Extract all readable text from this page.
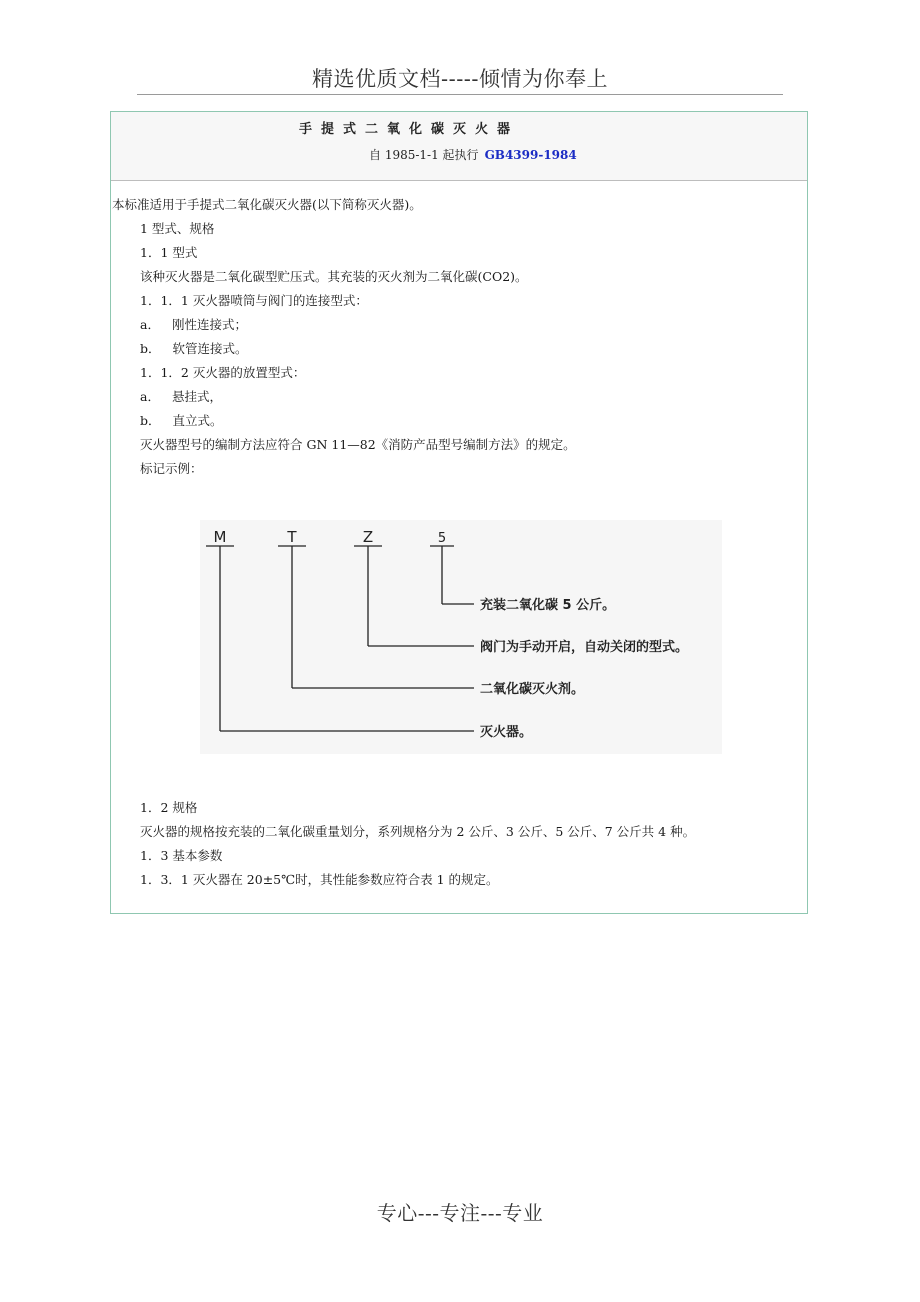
精选优质文档-----倾情为你奉上
手提式二氧化碳灭火器
自 1985-1-1 起执行 GB4399-1984
本标准适用于手提式二氧化碳灭火器(以下简称灭火器)。
1 型式、规格
1．1 型式
该种灭火器是二氧化碳型贮压式。其充装的灭火剂为二氧化碳(CO2)。
1．1．1 灭火器喷筒与阀门的连接型式：
a． 刚性连接式；
b． 软管连接式。
1．1．2 灭火器的放置型式：
a． 悬挂式，
b． 直立式。
灭火器型号的编制方法应符合 GN 11—82《消防产品型号编制方法》的规定。
标记示例：
M	T	Z	5
充装二氧化碳 5 公斤。
阀门为手动开启，自动关闭的型式。
二氧化碳灭火剂。
灭火器。
1．2 规格
灭火器的规格按充装的二氧化碳重量划分，系列规格分为 2 公斤、3 公斤、5 公斤、7 公斤共 4 种。
1．3 基本参数
1．3．1 灭火器在 20±5℃时，其性能参数应符合表 1 的规定。
专心---专注---专业
